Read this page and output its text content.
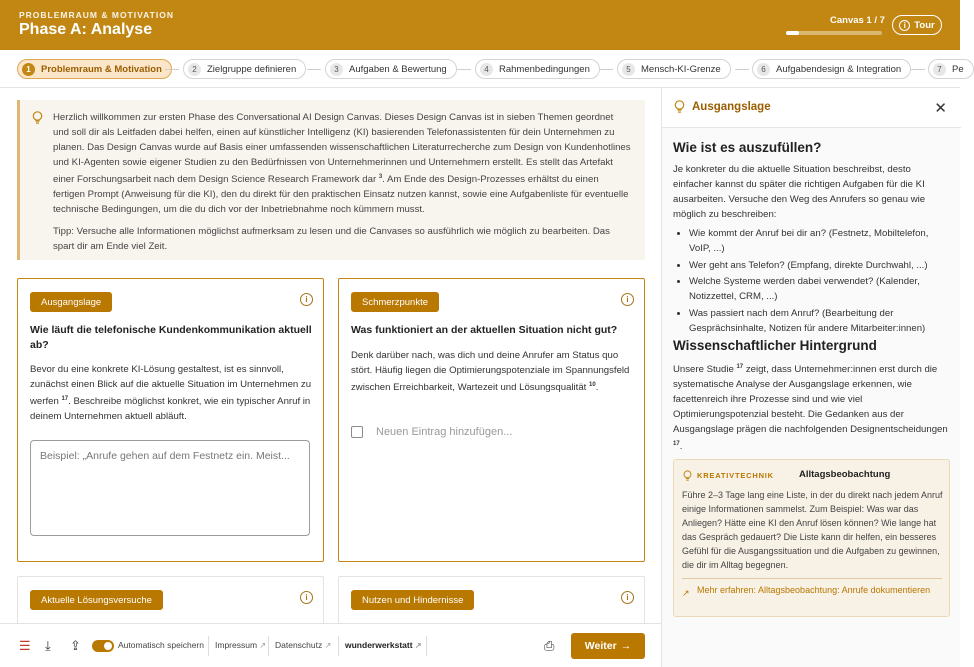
PROBLEMRAUM & MOTIVATION
Phase A: Analyse
Canvas 1 / 7	i Tour
1	Problemraum & Motivation	2	Zielgruppe definieren	3	Aufgaben & Bewertung	4	Rahmenbedingungen	5	Mensch-KI-Grenze	6	Aufgabendesign & Integration	7	Pe

Herzlich willkommen zur ersten Phase des Conversational AI Design Canvas. Dieses Design Canvas ist in sieben Themen geordnet und soll dir als Leitfaden dabei helfen, einen auf künstlicher Intelligenz (KI) basierenden Telefonassistenten für dein Unternehmen zu planen. Das Design Canvas wurde auf Basis einer umfassenden wissenschaftlichen Literaturrecherche zum Design von Kundenhotlines und KI-Agenten sowie eigener Studien zu den Bedürfnissen von Unternehmerinnen und Unternehmern erstellt. Es stellt das Artefakt einer Forschungsarbeit nach dem Design Science Research Framework dar $^3$. Am Ende des Design-Prozesses erhältst du einen fertigen Prompt (Anweisung für die KI), den du direkt für den praktischen Einsatz nutzen kannst, sowie eine Aufgabenliste für eventuelle technische Bedingungen, um die du dich vor der Inbetriebnahme noch kümmern musst.

Tipp: Versuche alle Informationen möglichst aufmerksam zu lesen und die Canvases so ausführlich wie möglich zu bearbeiten. Das spart dir am Ende viel Zeit.

Ausgangslage	i
Wie läuft die telefonische Kundenkommunikation aktuell ab?
Bevor du eine konkrete KI-Lösung gestaltest, ist es sinnvoll, zunächst einen Blick auf die aktuelle Situation im Unternehmen zu werfen $^{17}$. Beschreibe möglichst konkret, wie ein typischer Anruf in deinem Unternehmen aktuell abläuft.
Beispiel: „Anrufe gehen auf dem Festnetz ein. Meist...
Schmerzpunkte	i
Was funktioniert an der aktuellen Situation nicht gut?
Denk darüber nach, was dich und deine Anrufer am Status quo stört. Häufig liegen die Optimierungspotenziale im Spannungsfeld zwischen Erreichbarkeit, Wartezeit und Lösungsqualität $^{10}$.
Neuen Eintrag hinzufügen...
Aktuelle Lösungsversuche	i	Nutzen und Hindernisse	i
Ausgangslage	✕
Wie ist es auszufüllen?
Je konkreter du die aktuelle Situation beschreibst, desto einfacher kannst du später die richtigen Aufgaben für die KI ausarbeiten. Versuche den Weg des Anrufers so genau wie möglich zu beschreiben:
• Wie kommt der Anruf bei dir an? (Festnetz, Mobiltelefon, VoIP, ...)
• Wer geht ans Telefon? (Empfang, direkte Durchwahl, ...)
• Welche Systeme werden dabei verwendet? (Kalender, Notizzettel, CRM, ...)
• Was passiert nach dem Anruf? (Bearbeitung der Gesprächsinhalte, Notizen für andere Mitarbeiter:innen)
Wissenschaftlicher Hintergrund
Unsere Studie $^{17}$ zeigt, dass Unternehmer:innen erst durch die systematische Analyse der Ausgangslage erkennen, wie facettenreich ihre Prozesse sind und wie viel Optimierungspotenzial besteht. Die Gedanken aus der Ausgangslage prägen die nachfolgenden Designentscheidungen $^{17}$.
KREATIVTECHNIK	Alltagsbeobachtung
Führe 2–3 Tage lang eine Liste, in der du direkt nach jedem Anruf einige Informationen sammelst. Zum Beispiel: Was war das Anliegen? Hätte eine KI den Anruf lösen können? Wie lange hat das Gespräch gedauert? Die Liste kann dir helfen, ein besseres Gefühl für die Ausgangssituation und die Aufgaben zu gewinnen, die dir im Alltag begegnen.
↗ Mehr erfahren: Alltagsbeobachtung: Anrufe dokumentieren
☰ ⤓ ⇪	Automatisch speichern Impressum ↗ Datenschutz ↗ wunderwerkstatt ↗	⎙	Weiter →
